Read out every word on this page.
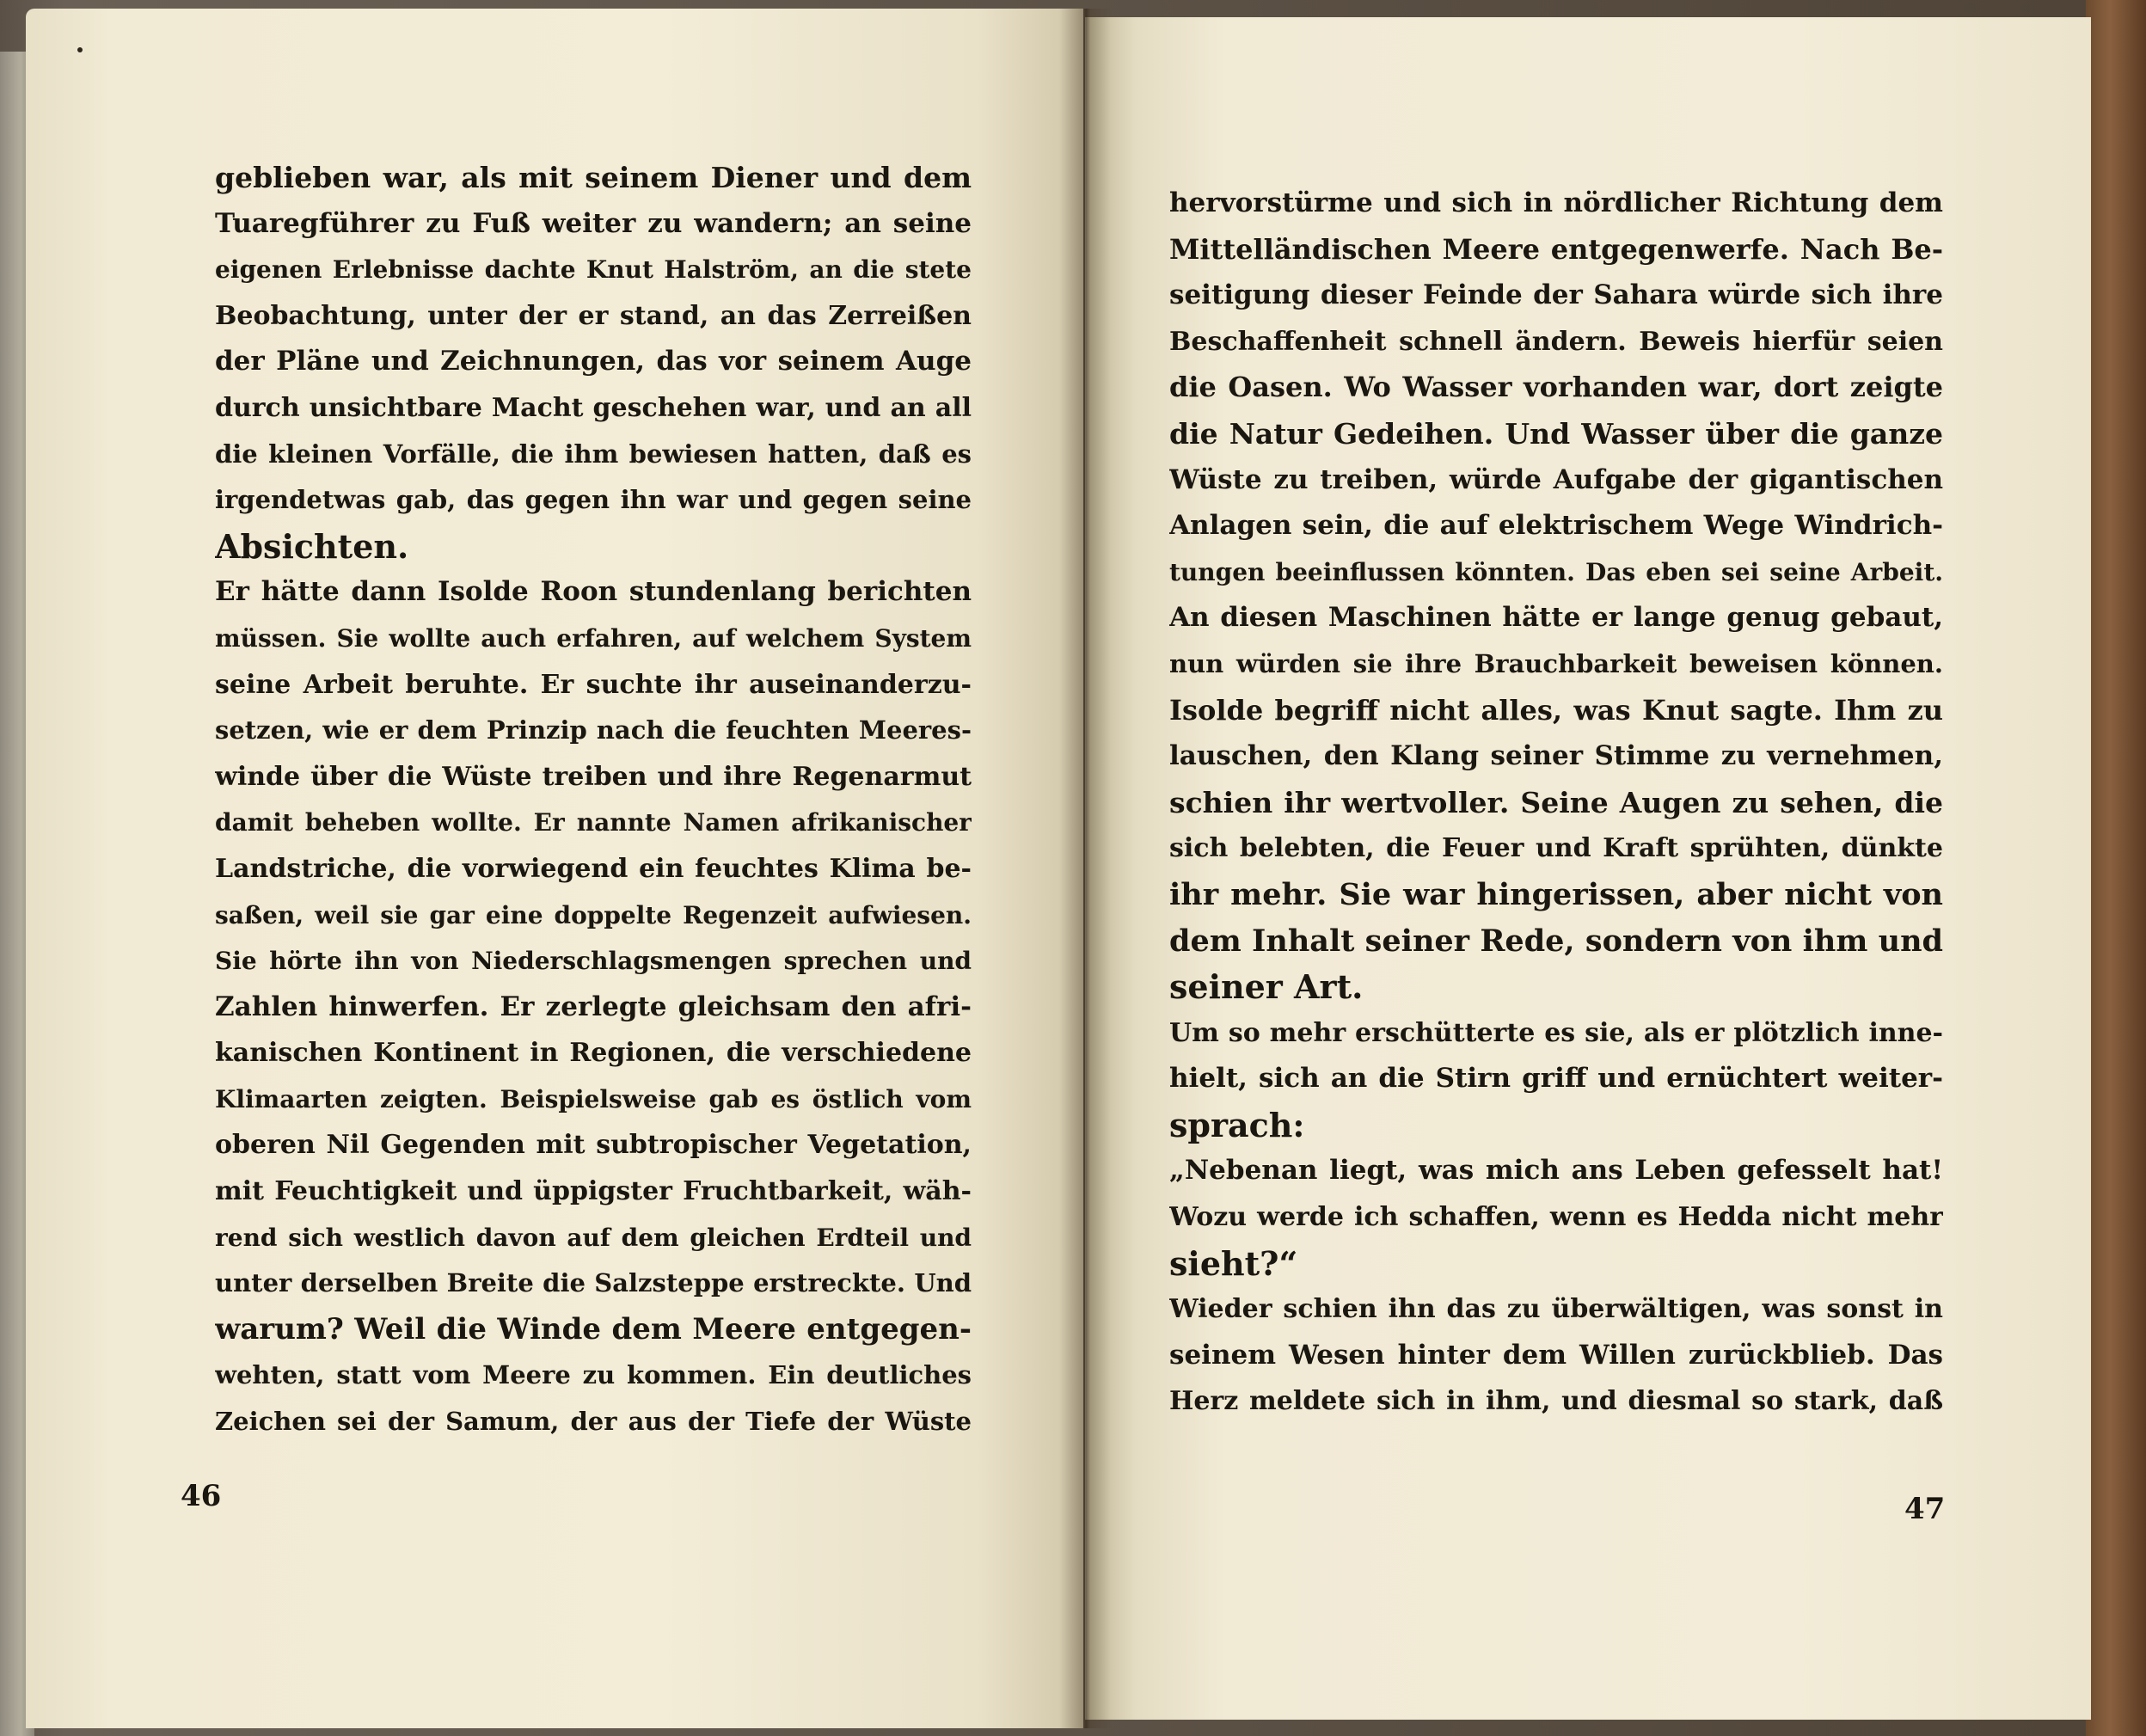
geblieben war, als mit seinem Diener und dem
Tuaregführer zu Fuß weiter zu wandern; an seine
eigenen Erlebnisse dachte Knut Halström, an die stete
Beobachtung, unter der er stand, an das Zerreißen
der Pläne und Zeichnungen, das vor seinem Auge
durch unsichtbare Macht geschehen war, und an all
die kleinen Vorfälle, die ihm bewiesen hatten, daß es
irgendetwas gab, das gegen ihn war und gegen seine
Absichten.
Er hätte dann Isolde Roon stundenlang berichten
müssen. Sie wollte auch erfahren, auf welchem System
seine Arbeit beruhte. Er suchte ihr auseinanderzu-
setzen, wie er dem Prinzip nach die feuchten Meeres-
winde über die Wüste treiben und ihre Regenarmut
damit beheben wollte. Er nannte Namen afrikanischer
Landstriche, die vorwiegend ein feuchtes Klima be-
saßen, weil sie gar eine doppelte Regenzeit aufwiesen.
Sie hörte ihn von Niederschlagsmengen sprechen und
Zahlen hinwerfen. Er zerlegte gleichsam den afri-
kanischen Kontinent in Regionen, die verschiedene
Klimaarten zeigten. Beispielsweise gab es östlich vom
oberen Nil Gegenden mit subtropischer Vegetation,
mit Feuchtigkeit und üppigster Fruchtbarkeit, wäh-
rend sich westlich davon auf dem gleichen Erdteil und
unter derselben Breite die Salzsteppe erstreckte. Und
warum? Weil die Winde dem Meere entgegen-
wehten, statt vom Meere zu kommen. Ein deutliches
Zeichen sei der Samum, der aus der Tiefe der Wüste
hervorstürme und sich in nördlicher Richtung dem
Mittelländischen Meere entgegenwerfe. Nach Be-
seitigung dieser Feinde der Sahara würde sich ihre
Beschaffenheit schnell ändern. Beweis hierfür seien
die Oasen. Wo Wasser vorhanden war, dort zeigte
die Natur Gedeihen. Und Wasser über die ganze
Wüste zu treiben, würde Aufgabe der gigantischen
Anlagen sein, die auf elektrischem Wege Windrich-
tungen beeinflussen könnten. Das eben sei seine Arbeit.
An diesen Maschinen hätte er lange genug gebaut,
nun würden sie ihre Brauchbarkeit beweisen können.
Isolde begriff nicht alles, was Knut sagte. Ihm zu
lauschen, den Klang seiner Stimme zu vernehmen,
schien ihr wertvoller. Seine Augen zu sehen, die
sich belebten, die Feuer und Kraft sprühten, dünkte
ihr mehr. Sie war hingerissen, aber nicht von
dem Inhalt seiner Rede, sondern von ihm und
seiner Art.
Um so mehr erschütterte es sie, als er plötzlich inne-
hielt, sich an die Stirn griff und ernüchtert weiter-
sprach:
„Nebenan liegt, was mich ans Leben gefesselt hat!
Wozu werde ich schaffen, wenn es Hedda nicht mehr
sieht?“
Wieder schien ihn das zu überwältigen, was sonst in
seinem Wesen hinter dem Willen zurückblieb. Das
Herz meldete sich in ihm, und diesmal so stark, daß
46	47
